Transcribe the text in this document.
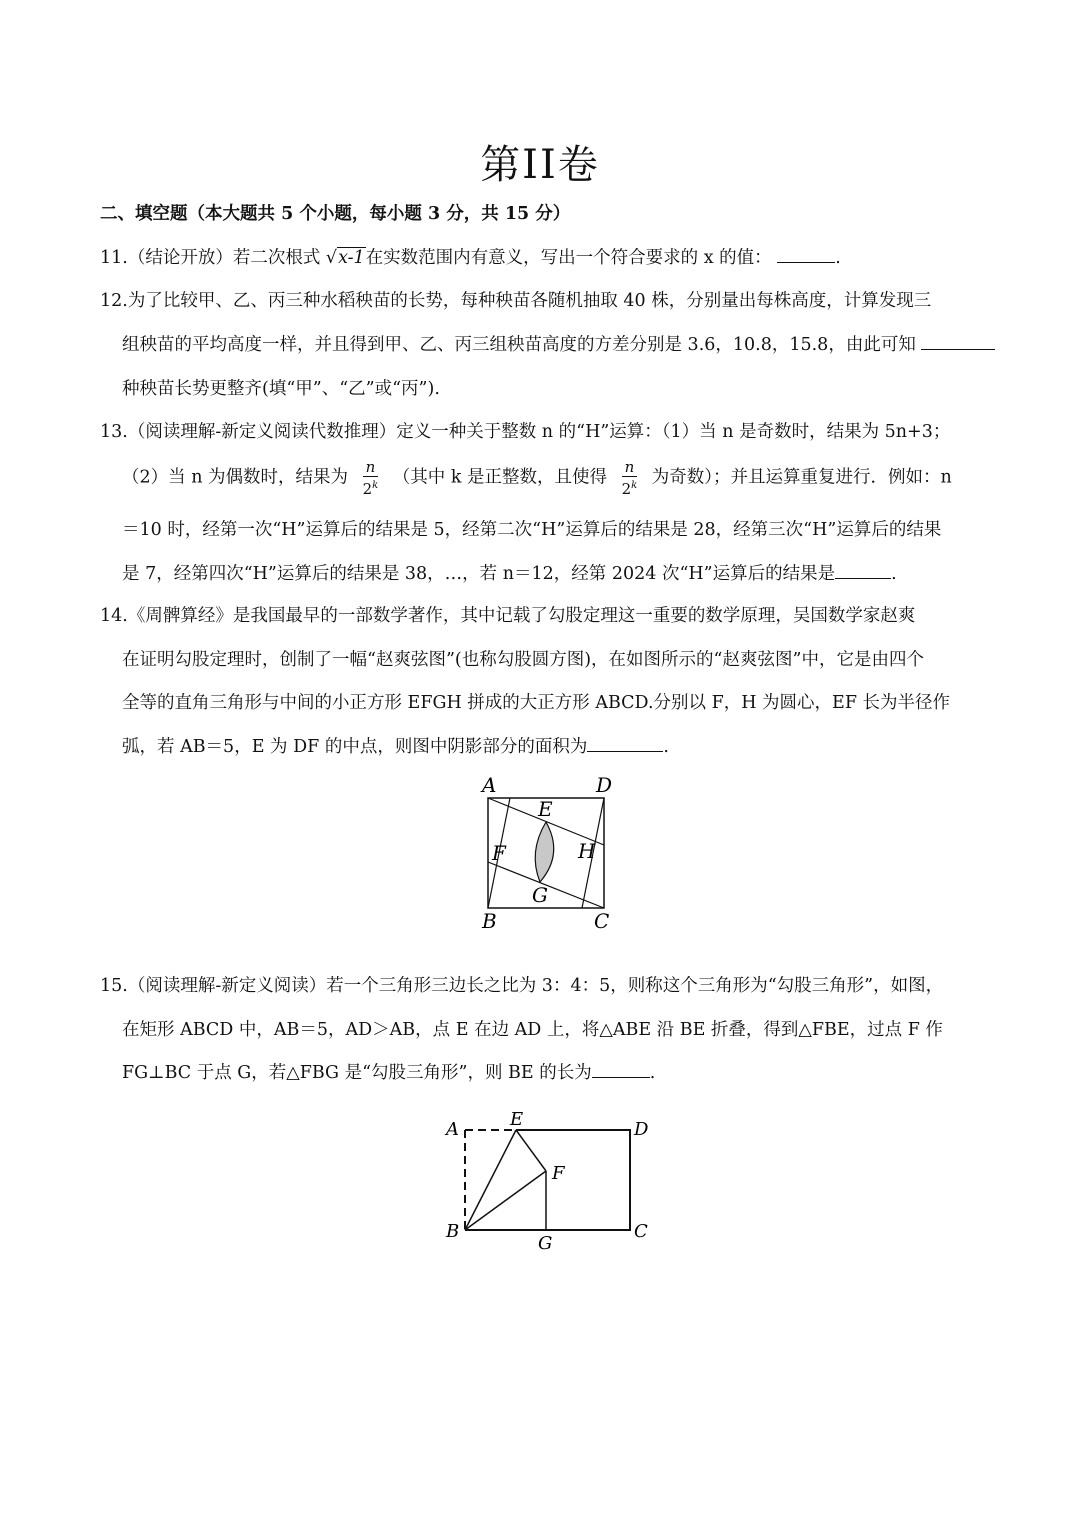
第II卷
二、填空题（本大题共 5 个小题，每小题 3 分，共 15 分）
11.（结论开放）若二次根式 √x-1在实数范围内有意义，写出一个符合要求的 x 的值：	.
12.为了比较甲、乙、丙三种水稻秧苗的长势，每种秧苗各随机抽取 40 株，分别量出每株高度，计算发现三
组秧苗的平均高度一样，并且得到甲、乙、丙三组秧苗高度的方差分别是 3.6，10.8，15.8，由此可知
种秧苗长势更整齐(填“甲”、“乙”或“丙”).
13.（阅读理解-新定义阅读代数推理）定义一种关于整数 n 的“H”运算：（1）当 n 是奇数时，结果为 5n+3；
（2）当 n 为偶数时，结果为 $\frac{n}{2^k}$ （其中 k 是正整数，且使得 $\frac{n}{2^k}$ 为奇数）；并且运算重复进行．例如：n
＝10 时，经第一次“H”运算后的结果是 5，经第二次“H”运算后的结果是 28，经第三次“H”运算后的结果
是 7，经第四次“H”运算后的结果是 38，…，若 n＝12，经第 2024 次“H”运算后的结果是	.
14.《周髀算经》是我国最早的一部数学著作，其中记载了勾股定理这一重要的数学原理，吴国数学家赵爽
在证明勾股定理时，创制了一幅“赵爽弦图”(也称勾股圆方图)，在如图所示的“赵爽弦图”中，它是由四个
全等的直角三角形与中间的小正方形 EFGH 拼成的大正方形 ABCD.分别以 F，H 为圆心，EF 长为半径作
弧，若 AB＝5，E 为 DF 的中点，则图中阴影部分的面积为	.
A	D
B	C
E
F	H
G
15.（阅读理解-新定义阅读）若一个三角形三边长之比为 3：4：5，则称这个三角形为“勾股三角形”，如图，
在矩形 ABCD 中，AB＝5，AD＞AB，点 E 在边 AD 上，将△ABE 沿 BE 折叠，得到△FBE，过点 F 作
FG⊥BC 于点 G，若△FBG 是“勾股三角形”，则 BE 的长为	.
A	E	D
F
B
G
C
